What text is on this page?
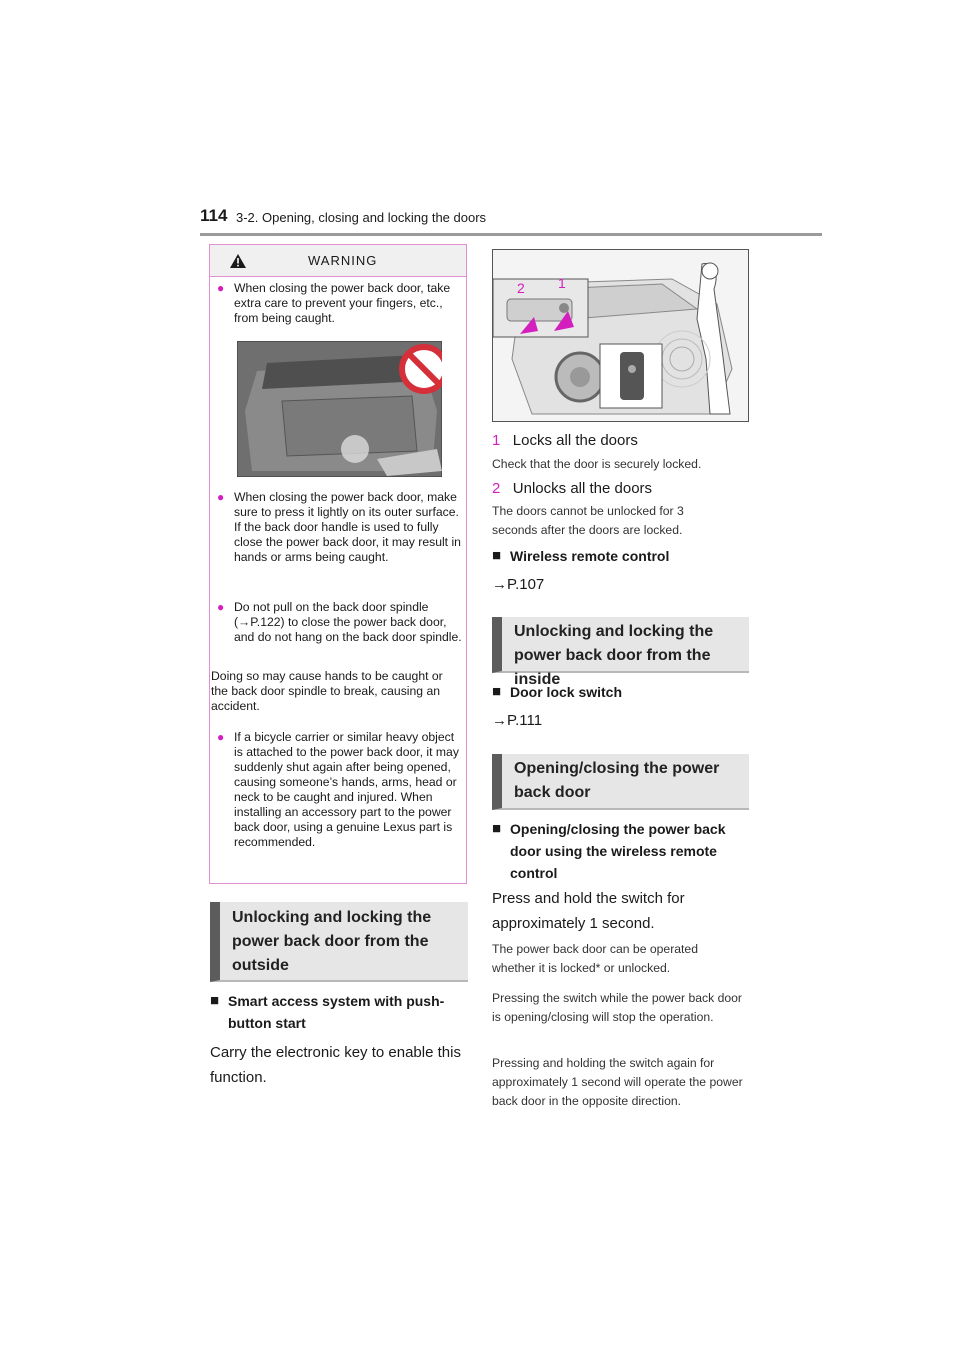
114 3-2. Opening, closing and locking the doors
WARNING
● When closing the power back door, take extra care to prevent your fingers, etc., from being caught.
● When closing the power back door, make sure to press it lightly on its outer surface. If the back door handle is used to fully close the power back door, it may result in hands or arms being caught.
● Do not pull on the back door spindle (→P.122) to close the power back door, and do not hang on the back door spindle.
Doing so may cause hands to be caught or the back door spindle to break, causing an accident.
● If a bicycle carrier or similar heavy object is attached to the power back door, it may suddenly shut again after being opened, causing someone’s hands, arms, head or neck to be caught and injured. When installing an accessory part to the power back door, using a genuine Lexus part is recommended.
Unlocking and locking the power back door from the outside
■ Smart access system with push-button start
Carry the electronic key to enable this function.
2 1
1 Locks all the doors
Check that the door is securely locked.
2 Unlocks all the doors
The doors cannot be unlocked for 3 seconds after the doors are locked.
■ Wireless remote control
→P.107
Unlocking and locking the power back door from the inside
■ Door lock switch
→P.111
Opening/closing the power back door
■ Opening/closing the power back door using the wireless remote control
Press and hold the switch for approximately 1 second.
The power back door can be operated whether it is locked* or unlocked.
Pressing the switch while the power back door is opening/closing will stop the operation.
Pressing and holding the switch again for approximately 1 second will operate the power back door in the opposite direction.
